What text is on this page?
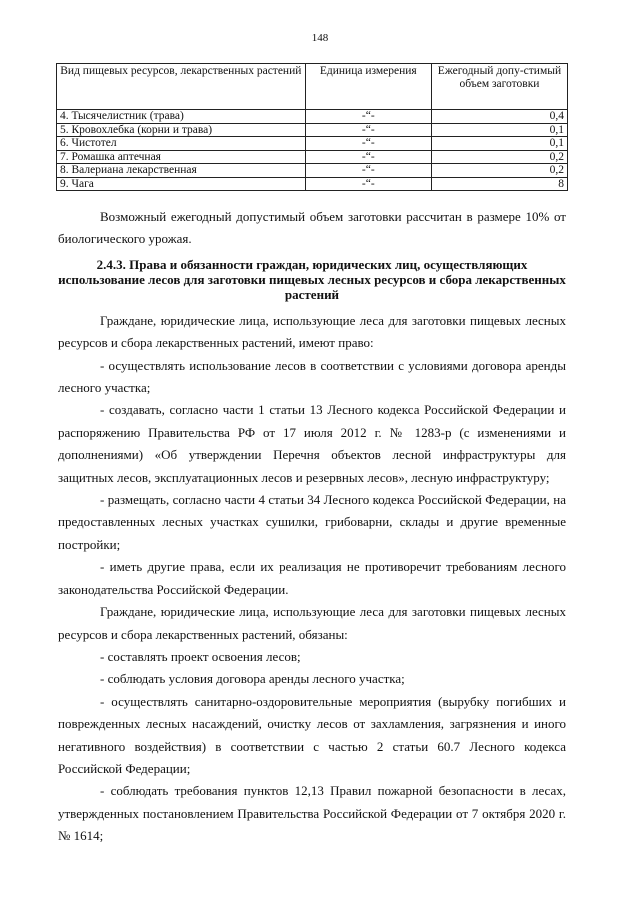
148
Вид пищевых ресурсов, лекарственных растений	Единица измерения	Ежегодный допу-стимый объем заготовки
4. Тысячелистник (трава)	-“-	0,4
5. Кровохлебка (корни и трава)	-“-	0,1
6. Чистотел	-“-	0,1
7. Ромашка аптечная	-“-	0,2
8. Валериана лекарственная	-“-	0,2
9. Чага	-“-	8

Возможный ежегодный допустимый объем заготовки рассчитан в размере 10% от биологического урожая.

2.4.3. Права и обязанности граждан, юридических лиц, осуществляющих использование лесов для заготовки пищевых лесных ресурсов и сбора лекарственных растений

Граждане, юридические лица, использующие леса для заготовки пищевых лесных ресурсов и сбора лекарственных растений, имеют право:

- осуществлять использование лесов в соответствии с условиями договора аренды лесного участка;

- создавать, согласно части 1 статьи 13 Лесного кодекса Российской Федерации и распоряжению Правительства РФ от 17 июля 2012 г. № 1283-р (с изменениями и дополнениями) «Об утверждении Перечня объектов лесной инфраструктуры для защитных лесов, эксплуатационных лесов и резервных лесов», лесную инфраструктуру;

- размещать, согласно части 4 статьи 34 Лесного кодекса Российской Федерации, на предоставленных лесных участках сушилки, грибоварни, склады и другие временные постройки;

- иметь другие права, если их реализация не противоречит требованиям лесного законодательства Российской Федерации.

Граждане, юридические лица, использующие леса для заготовки пищевых лесных ресурсов и сбора лекарственных растений, обязаны:

- составлять проект освоения лесов;

- соблюдать условия договора аренды лесного участка;

- осуществлять санитарно-оздоровительные мероприятия (вырубку погибших и поврежденных лесных насаждений, очистку лесов от захламления, загрязнения и иного негативного воздействия) в соответствии с частью 2 статьи 60.7 Лесного кодекса Российской Федерации;

- соблюдать требования пунктов 12,13 Правил пожарной безопасности в лесах, утвержденных постановлением Правительства Российской Федерации от 7 октября 2020 г. № 1614;
